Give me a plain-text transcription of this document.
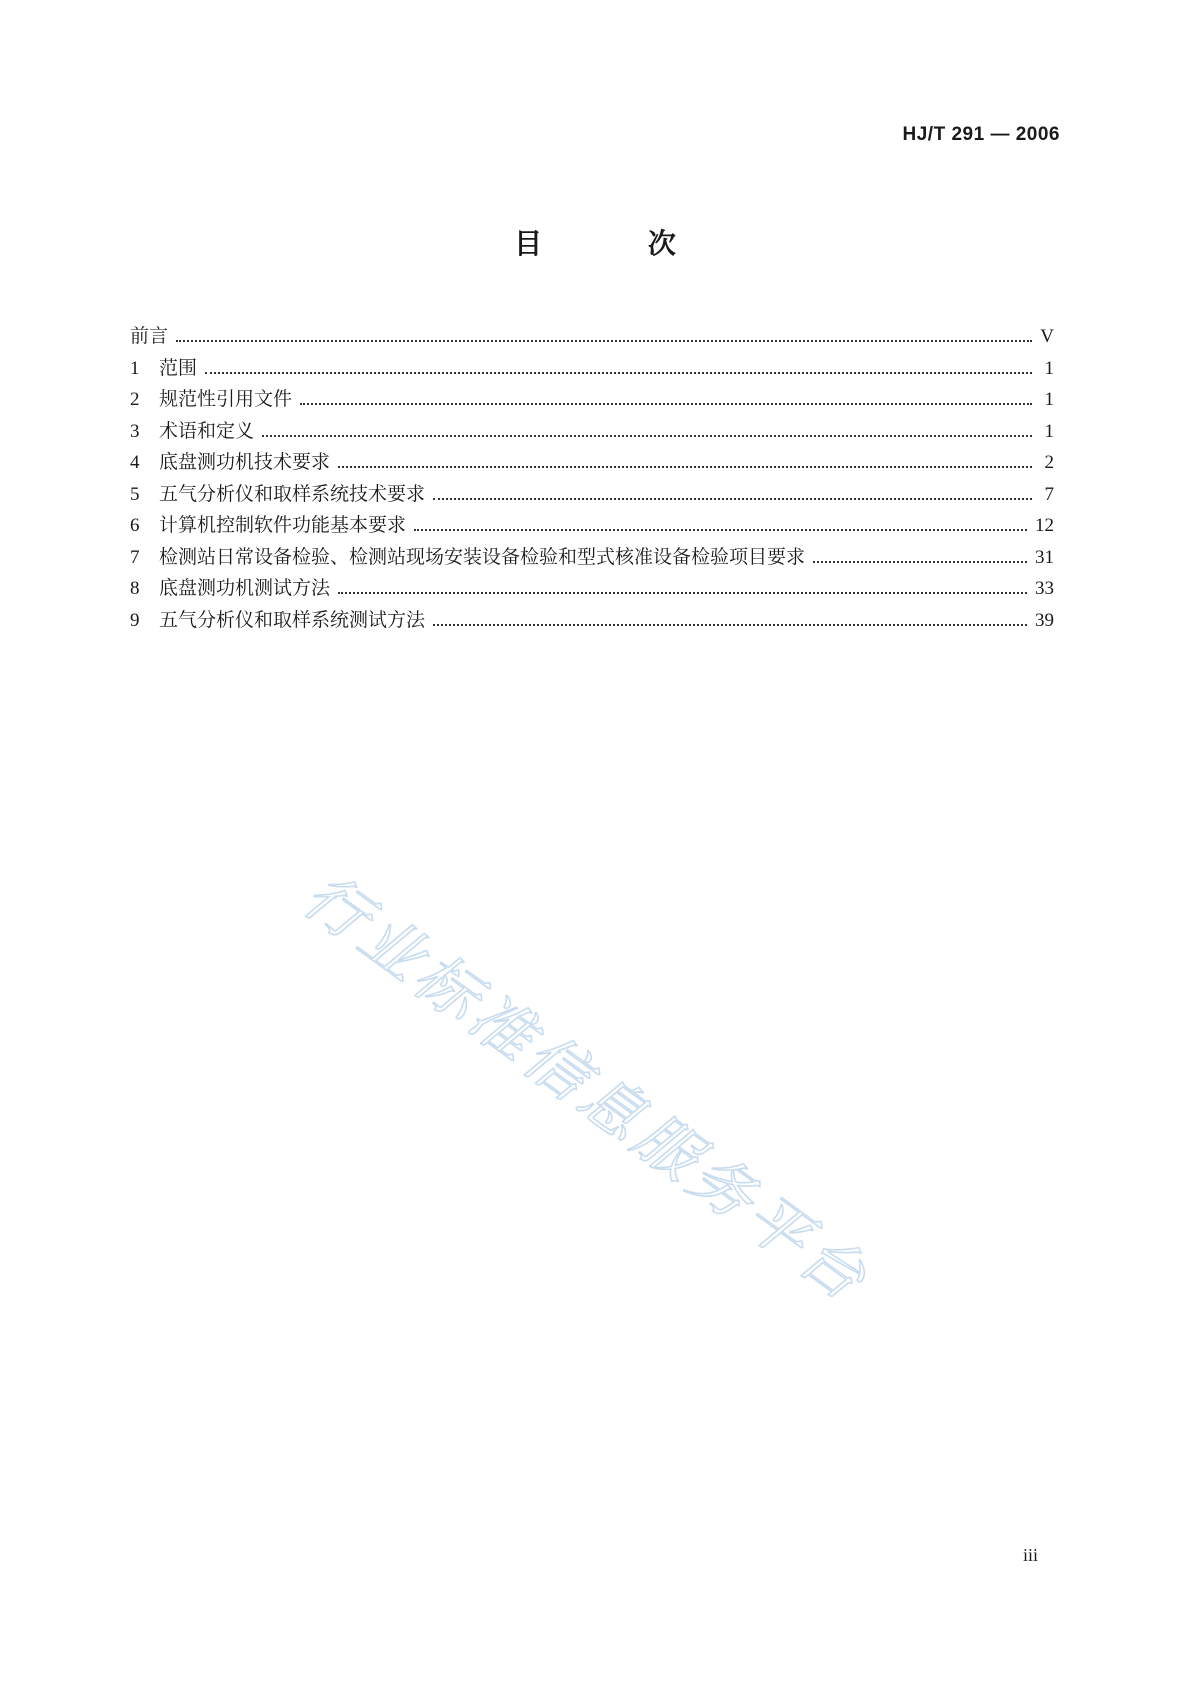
HJ/T 291 — 2006
目 次
前言	V
1	范围	1
2	规范性引用文件	1
3	术语和定义	1
4	底盘测功机技术要求	2
5	五气分析仪和取样系统技术要求	7
6	计算机控制软件功能基本要求	12
7	检测站日常设备检验、检测站现场安装设备检验和型式核准设备检验项目要求	31
8	底盘测功机测试方法	33
9	五气分析仪和取样系统测试方法	39
行业标准信息服务平台
iii
